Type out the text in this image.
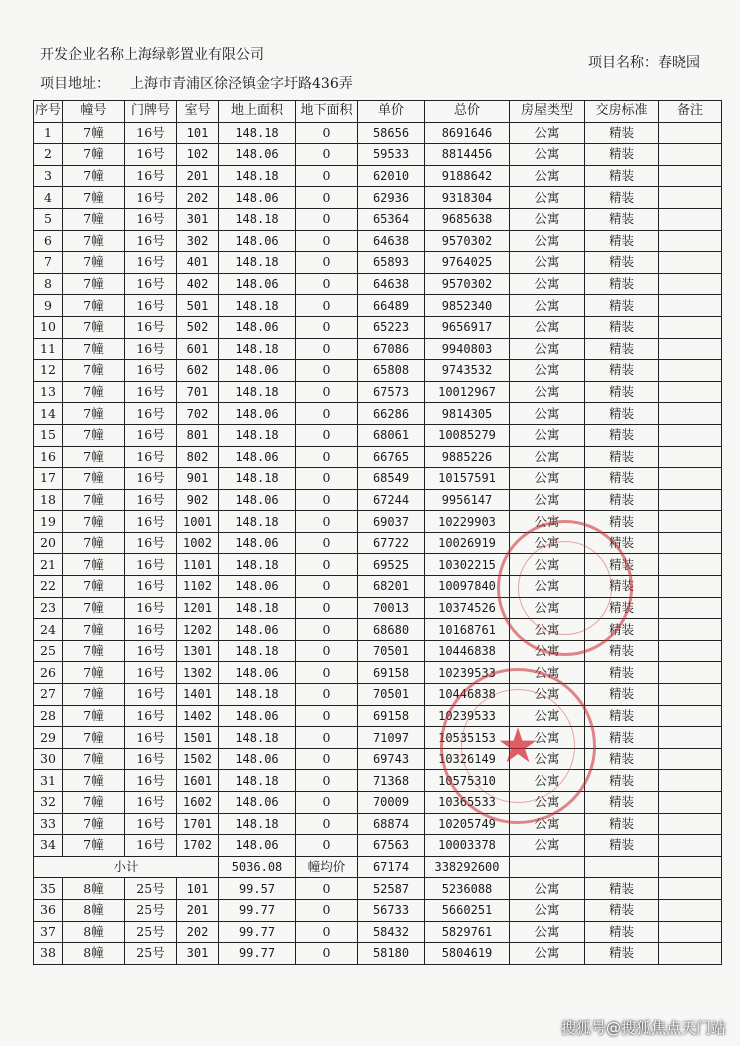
开发企业名称上海绿彰置业有限公司	项目名称：春晓园
项目地址： 上海市青浦区徐泾镇金字圩路436弄
序号	幢号	门牌号	室号	地上面积	地下面积	单价	总价	房屋类型	交房标准	备注
1	7幢	16号	101	148.18	0	58656	8691646	公寓	精装	
2	7幢	16号	102	148.06	0	59533	8814456	公寓	精装	
3	7幢	16号	201	148.18	0	62010	9188642	公寓	精装	
4	7幢	16号	202	148.06	0	62936	9318304	公寓	精装	
5	7幢	16号	301	148.18	0	65364	9685638	公寓	精装	
6	7幢	16号	302	148.06	0	64638	9570302	公寓	精装	
7	7幢	16号	401	148.18	0	65893	9764025	公寓	精装	
8	7幢	16号	402	148.06	0	64638	9570302	公寓	精装	
9	7幢	16号	501	148.18	0	66489	9852340	公寓	精装	
10	7幢	16号	502	148.06	0	65223	9656917	公寓	精装	
11	7幢	16号	601	148.18	0	67086	9940803	公寓	精装	
12	7幢	16号	602	148.06	0	65808	9743532	公寓	精装	
13	7幢	16号	701	148.18	0	67573	10012967	公寓	精装	
14	7幢	16号	702	148.06	0	66286	9814305	公寓	精装	
15	7幢	16号	801	148.18	0	68061	10085279	公寓	精装	
16	7幢	16号	802	148.06	0	66765	9885226	公寓	精装	
17	7幢	16号	901	148.18	0	68549	10157591	公寓	精装	
18	7幢	16号	902	148.06	0	67244	9956147	公寓	精装	
19	7幢	16号	1001	148.18	0	69037	10229903	公寓	精装	
20	7幢	16号	1002	148.06	0	67722	10026919	公寓	精装	
21	7幢	16号	1101	148.18	0	69525	10302215	公寓	精装	
22	7幢	16号	1102	148.06	0	68201	10097840	公寓	精装	
23	7幢	16号	1201	148.18	0	70013	10374526	公寓	精装	
24	7幢	16号	1202	148.06	0	68680	10168761	公寓	精装	
25	7幢	16号	1301	148.18	0	70501	10446838	公寓	精装	
26	7幢	16号	1302	148.06	0	69158	10239533	公寓	精装	
27	7幢	16号	1401	148.18	0	70501	10446838	公寓	精装	
28	7幢	16号	1402	148.06	0	69158	10239533	公寓	精装	
29	7幢	16号	1501	148.18	0	71097	10535153	公寓	精装	
30	7幢	16号	1502	148.06	0	69743	10326149	公寓	精装	
31	7幢	16号	1601	148.18	0	71368	10575310	公寓	精装	
32	7幢	16号	1602	148.06	0	70009	10365533	公寓	精装	
33	7幢	16号	1701	148.18	0	68874	10205749	公寓	精装	
34	7幢	16号	1702	148.06	0	67563	10003378	公寓	精装	
小计				5036.08	幢均价	67174	338292600			
35	8幢	25号	101	99.57	0	52587	5236088	公寓	精装	
36	8幢	25号	201	99.77	0	56733	5660251	公寓	精装	
37	8幢	25号	202	99.77	0	58432	5829761	公寓	精装	
38	8幢	25号	301	99.77	0	58180	5804619	公寓	精装	
★
搜狐号@搜狐焦点天门站
